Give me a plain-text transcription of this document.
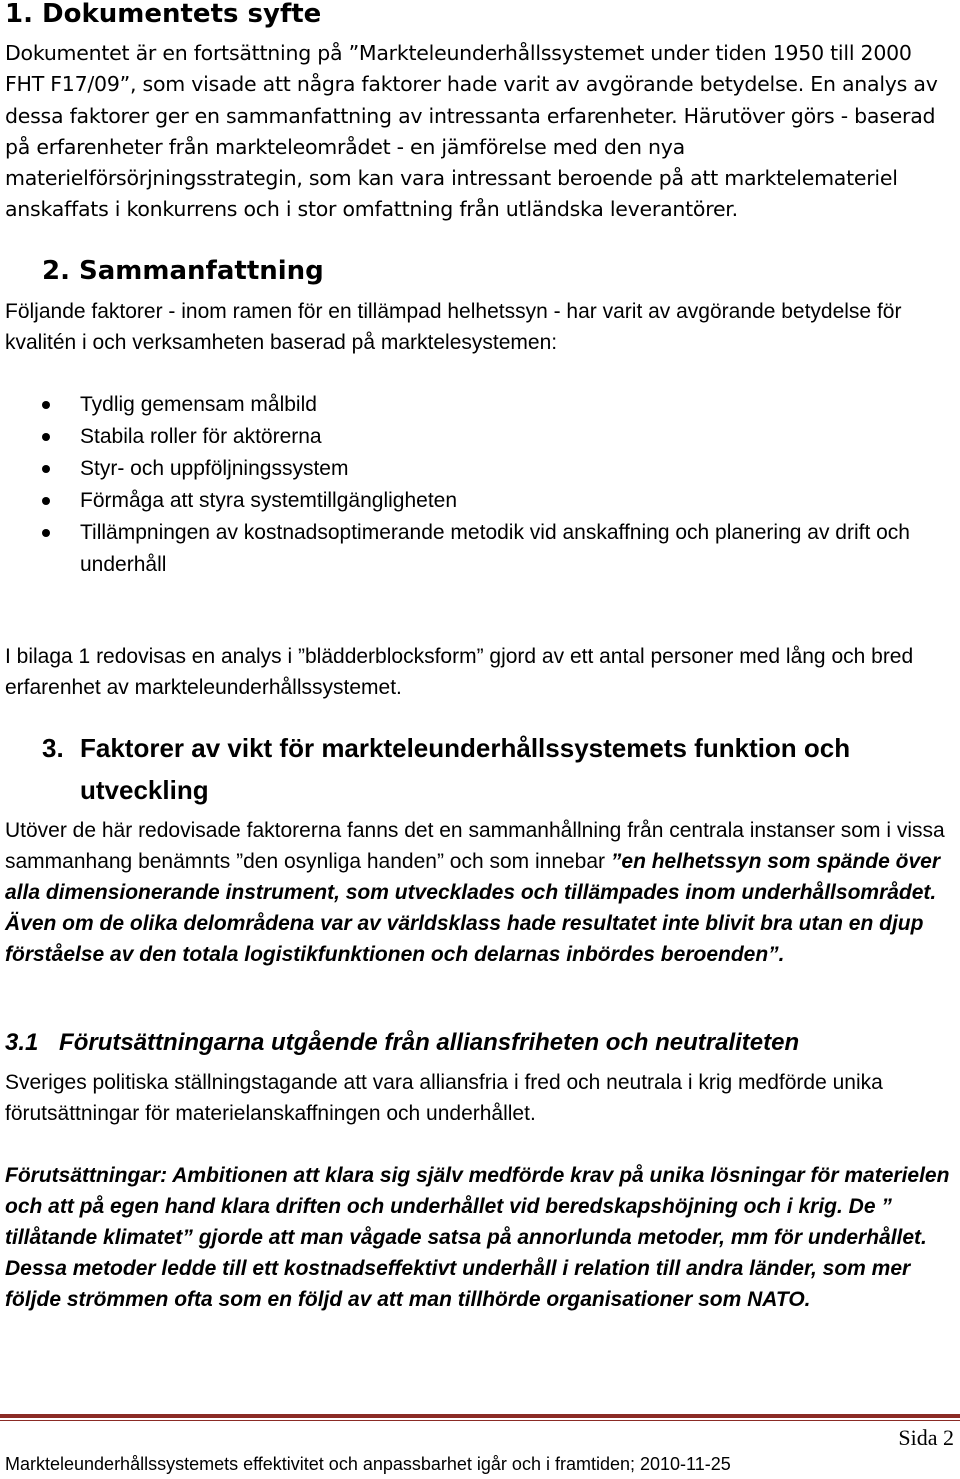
1. Dokumentets syfte

Dokumentet är en fortsättning på ”Markteleunderhållssystemet under tiden 1950 till 2000 FHT F17/09”, som visade att några faktorer hade varit av avgörande betydelse. En analys av dessa faktorer ger en sammanfattning av intressanta erfarenheter. Härutöver görs - baserad på erfarenheter från markteleområdet - en jämförelse med den nya materielförsörjningsstrategin, som kan vara intressant beroende på att marktelemateriel anskaffats i konkurrens och i stor omfattning från utländska leverantörer.

2. Sammanfattning

Följande faktorer - inom ramen för en tillämpad helhetssyn - har varit av avgörande betydelse för kvalitén i och verksamheten baserad på marktelesystemen:

Tydlig gemensam målbild
Stabila roller för aktörerna
Styr- och uppföljningssystem
Förmåga att styra systemtillgängligheten
Tillämpningen av kostnadsoptimerande metodik vid anskaffning och planering av drift och underhåll

I bilaga 1 redovisas en analys i ”blädderblocksform” gjord av ett antal personer med lång och bred erfarenhet av markteleunderhållssystemet.

3. Faktorer av vikt för markteleunderhållssystemets funktion och utveckling

Utöver de här redovisade faktorerna fanns det en sammanhållning från centrala instanser som i vissa sammanhang benämnts ”den osynliga handen” och som innebar ”en helhetssyn som spände över alla dimensionerande instrument, som utvecklades och tillämpades inom underhållsområdet. Även om de olika delområdena var av världsklass hade resultatet inte blivit bra utan en djup förståelse av den totala logistikfunktionen och delarnas inbördes beroenden”.

3.1 Förutsättningarna utgående från alliansfriheten och neutraliteten

Sveriges politiska ställningstagande att vara alliansfria i fred och neutrala i krig medförde unika förutsättningar för materielanskaffningen och underhållet.

Förutsättningar: Ambitionen att klara sig själv medförde krav på unika lösningar för materielen och att på egen hand klara driften och underhållet vid beredskapshöjning och i krig. De ” tillåtande klimatet” gjorde att man vågade satsa på annorlunda metoder, mm för underhållet. Dessa metoder ledde till ett kostnadseffektivt underhåll i relation till andra länder, som mer följde strömmen ofta som en följd av att man tillhörde organisationer som NATO.

Sida 2
Markteleunderhållssystemets effektivitet och anpassbarhet igår och i framtiden; 2010-11-25
